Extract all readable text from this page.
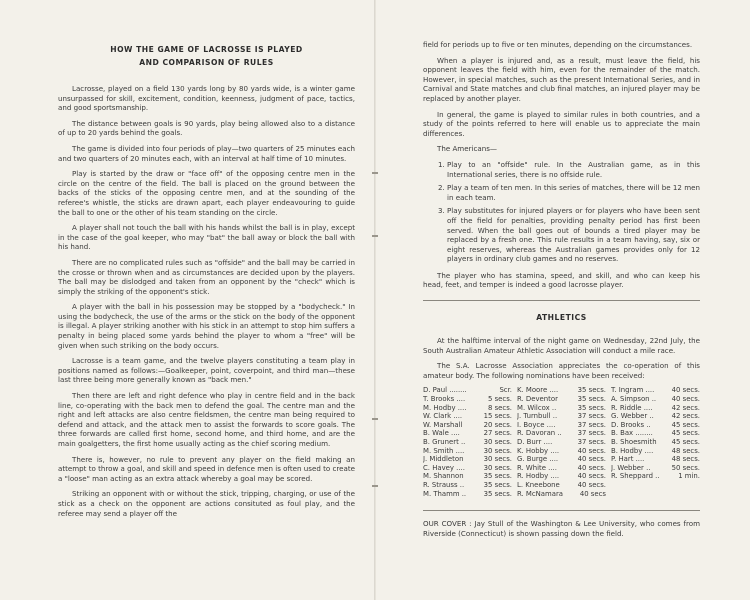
HOW THE GAME OF LACROSSE IS PLAYED
AND COMPARISON OF RULES

Lacrosse, played on a field 130 yards long by 80 yards wide, is a winter game unsurpassed for skill, excitement, condition, keenness, judgment of pace, tactics, and good sportsmanship.

The distance between goals is 90 yards, play being allowed also to a distance of up to 20 yards behind the goals.

The game is divided into four periods of play—two quarters of 25 minutes each and two quarters of 20 minutes each, with an interval at half time of 10 minutes.

Play is started by the draw or "face off" of the opposing centre men in the circle on the centre of the field. The ball is placed on the ground between the backs of the sticks of the opposing centre men, and at the sounding of the referee's whistle, the sticks are drawn apart, each player endeavouring to guide the ball to one or the other of his team standing on the circle.

A player shall not touch the ball with his hands whilst the ball is in play, except in the case of the goal keeper, who may "bat" the ball away or block the ball with his hand.

There are no complicated rules such as "offside" and the ball may be carried in the crosse or thrown when and as circumstances are decided upon by the players. The ball may be dislodged and taken from an opponent by the "check" which is simply the striking of the opponent's stick.

A player with the ball in his possession may be stopped by a "bodycheck." In using the bodycheck, the use of the arms or the stick on the body of the opponent is illegal. A player striking another with his stick in an attempt to stop him suffers a penalty in being placed some yards behind the player to whom a "free" will be given when such striking on the body occurs.

Lacrosse is a team game, and the twelve players constituting a team play in positions named as follows:—Goalkeeper, point, coverpoint, and third man—these last three being more generally known as "back men."

Then there are left and right defence who play in centre field and in the back line, co-operating with the back men to defend the goal. The centre man and the right and left attacks are also centre fieldsmen, the centre man being required to defend and attack, and the attack men to assist the forwards to score goals. The three forwards are called first home, second home, and third home, and are the main goalgetters, the first home usually acting as the chief scoring medium.

There is, however, no rule to prevent any player on the field making an attempt to throw a goal, and skill and speed in defence men is often used to create a "loose" man acting as an extra attack whereby a goal may be scored.

Striking an opponent with or without the stick, tripping, charging, or use of the stick as a check on the opponent are actions consituted as foul play, and the referee may send a player off the

field for periods up to five or ten minutes, depending on the circumstances.

When a player is injured and, as a result, must leave the field, his opponent leaves the field with him, even for the remainder of the match. However, in special matches, such as the present International Series, and in Carnival and State matches and club final matches, an injured player may be replaced by another player.

In general, the game is played to similar rules in both countries, and a study of the points referred to here will enable us to appreciate the main differences.

The Americans—

1. Play to an "offside" rule. In the Australian game, as in this International series, there is no offside rule.
2. Play a team of ten men. In this series of matches, there will be 12 men in each team.
3. Play substitutes for injured players or for players who have been sent off the field for penalties, providing penalty period has first been served. When the ball goes out of bounds a tired player may be replaced by a fresh one. This rule results in a team having, say, six or eight reserves, whereas the Australian games provides only for 12 players in ordinary club games and no reserves.

The player who has stamina, speed, and skill, and who can keep his head, feet, and temper is indeed a good lacrosse player.

ATHLETICS

At the halftime interval of the night game on Wednesday, 22nd July, the South Australian Amateur Athletic Association will conduct a mile race.

The S.A. Lacrosse Association appreciates the co-operation of this amateur body. The following nominations have been received:

D. Paul ........	Scr.
T. Brooks ....	5 secs.
M. Hodby ....	8 secs.
W. Clark ....	15 secs.
W. Marshall	20 secs.
B. Wale ....	27 secs.
B. Grunert ..	30 secs.
M. Smith ....	30 secs.
J. Middleton	30 secs.
C. Havey ....	30 secs.
M. Shannon	35 secs.
R. Strauss ..	35 secs.
M. Thamm ..	35 secs.
K. Moore ....	35 secs.
R. Deventor	35 secs.
M. Wilcox ..	35 secs.
J. Turnbull ..	37 secs.
I. Boyce ....	37 secs.
R. Davoran ..	37 secs.
D. Burr ....	37 secs.
K. Hobby ....	40 secs.
G. Burge ....	40 secs.
R. White ....	40 secs.
R. Hodby ....	40 secs.
L. Kneebone	40 secs.
R. McNamara	40 secs
T. Ingram ....	40 secs.
A. Simpson ..	40 secs.
R. Riddle ....	42 secs.
G. Webber ..	42 secs.
D. Brooks ..	45 secs.
B. Bax ........	45 secs.
B. Shoesmith	45 secs.
B. Hodby ....	48 secs.
P. Hart ....	48 secs.
J. Webber ..	50 secs.
R. Sheppard ..	1 min.

OUR COVER : Jay Stull of the Washington & Lee University, who comes from Riverside (Connecticut) is shown passing down the field.
